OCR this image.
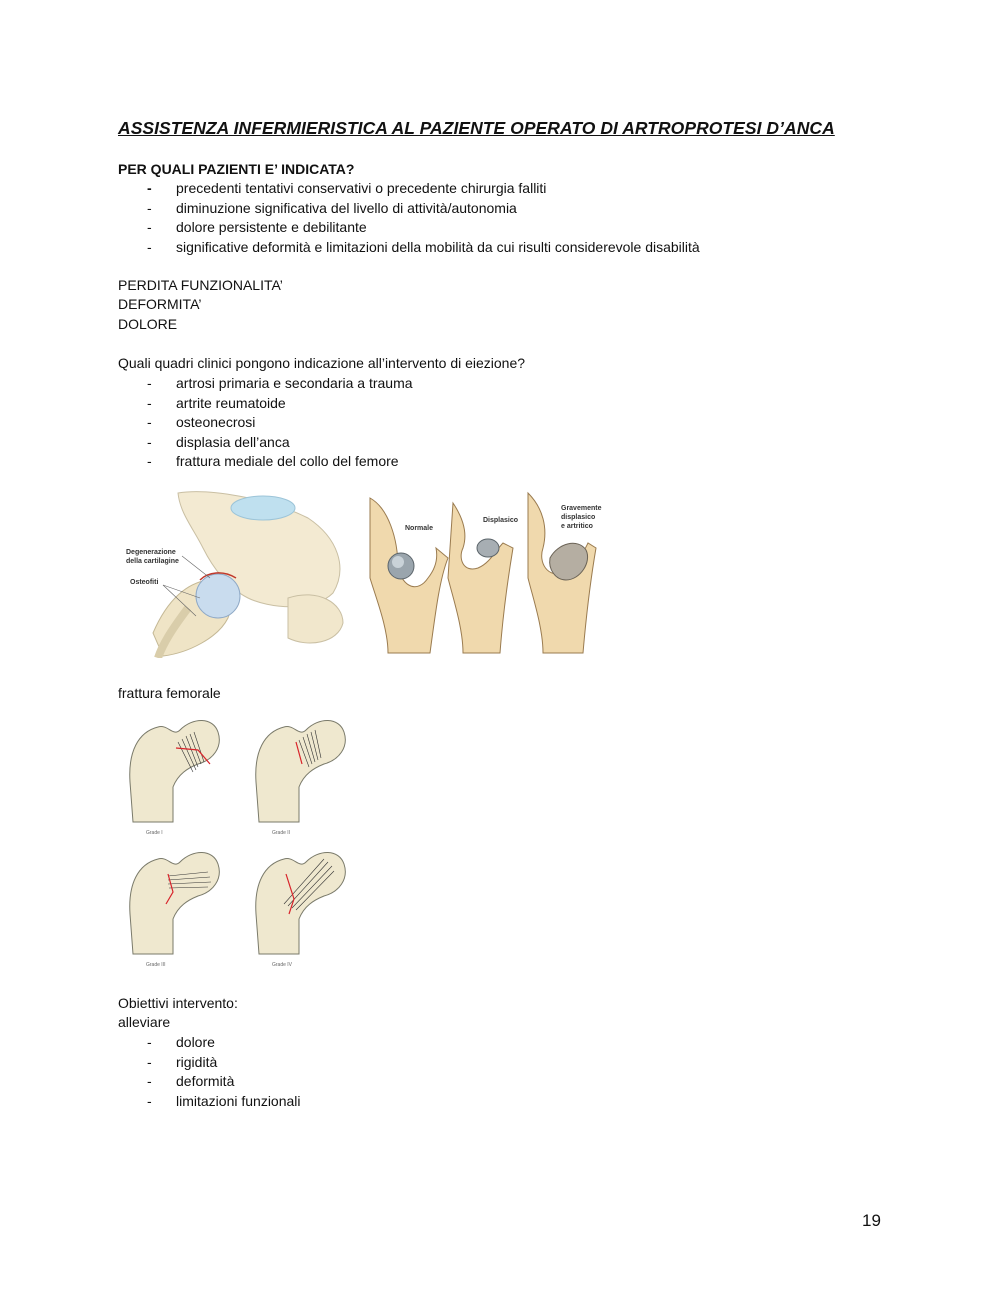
ASSISTENZA INFERMIERISTICA AL PAZIENTE OPERATO DI ARTROPROTESI D’ANCA
PER QUALI PAZIENTI E’ INDICATA?
-	precedenti tentativi conservativi o precedente chirurgia falliti
-	diminuzione significativa del livello di attività/autonomia
-	dolore persistente e debilitante
-	significative deformità e limitazioni della mobilità da cui risulti considerevole disabilità
PERDITA FUNZIONALITA’
DEFORMITA’
DOLORE
Quali quadri clinici pongono indicazione all’intervento di eiezione?
-	artrosi primaria e secondaria a trauma
-	artrite reumatoide
-	osteonecrosi
-	displasia dell’anca
-	frattura mediale del collo del femore
Degenerazione
della cartilagine
Osteofiti
Normale
Displasico
Gravemente
displasico
e artritico
frattura femorale
Grade I	Grade II
Grade III	Grade IV
Obiettivi intervento:
alleviare
-	dolore
-	rigidità
-	deformità
-	limitazioni funzionali
19
